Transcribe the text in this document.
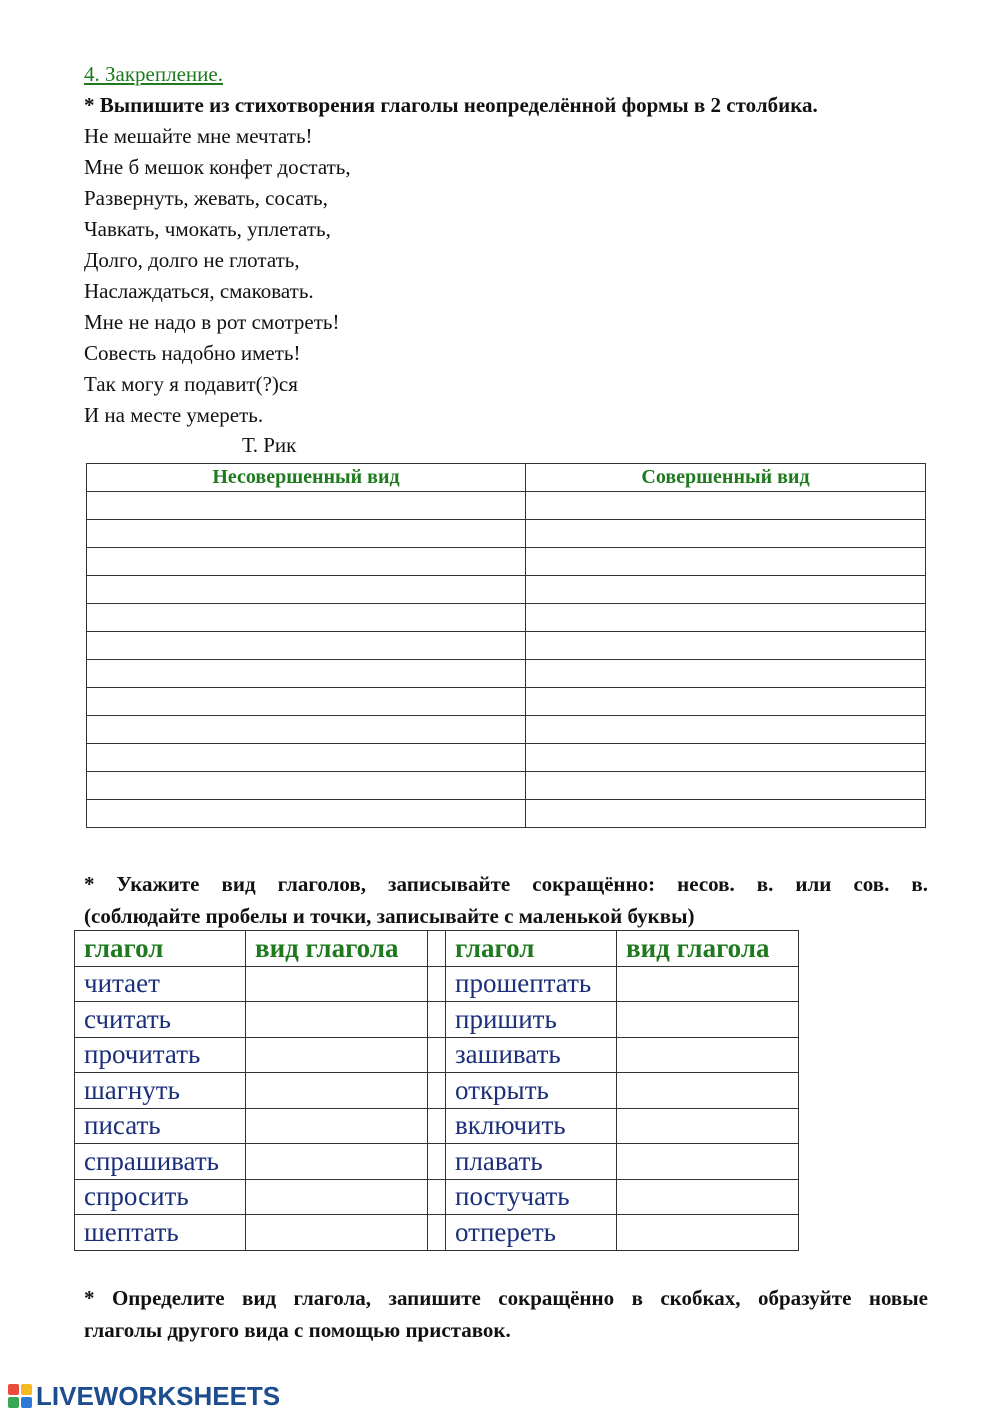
4. Закрепление.
* Выпишите из стихотворения глаголы неопределённой формы в 2 столбика.
Не мешайте мне мечтать!
Мне б мешок конфет достать,
Развернуть, жевать, сосать,
Чавкать, чмокать, уплетать,
Долго, долго не глотать,
Наслаждаться, смаковать.
Мне не надо в рот смотреть!
Совесть надобно иметь!
Так могу я подавит(?)ся
И на месте умереть.
Т. Рик
Несовершенный вид	Совершенный вид

* Укажите вид глаголов, записывайте сокращённо: несов. в. или сов. в.
(соблюдайте пробелы и точки, записывайте с маленькой буквы)
глагол	вид глагола		глагол	вид глагола
читает			прошептать	
считать			пришить	
прочитать			зашивать	
шагнуть			открыть	
писать			включить	
спрашивать			плавать	
спросить			постучать	
шептать			отпереть	
* Определите вид глагола, запишите сокращённо в скобках, образуйте новые
глаголы другого вида с помощью приставок.
LIVEWORKSHEETS
